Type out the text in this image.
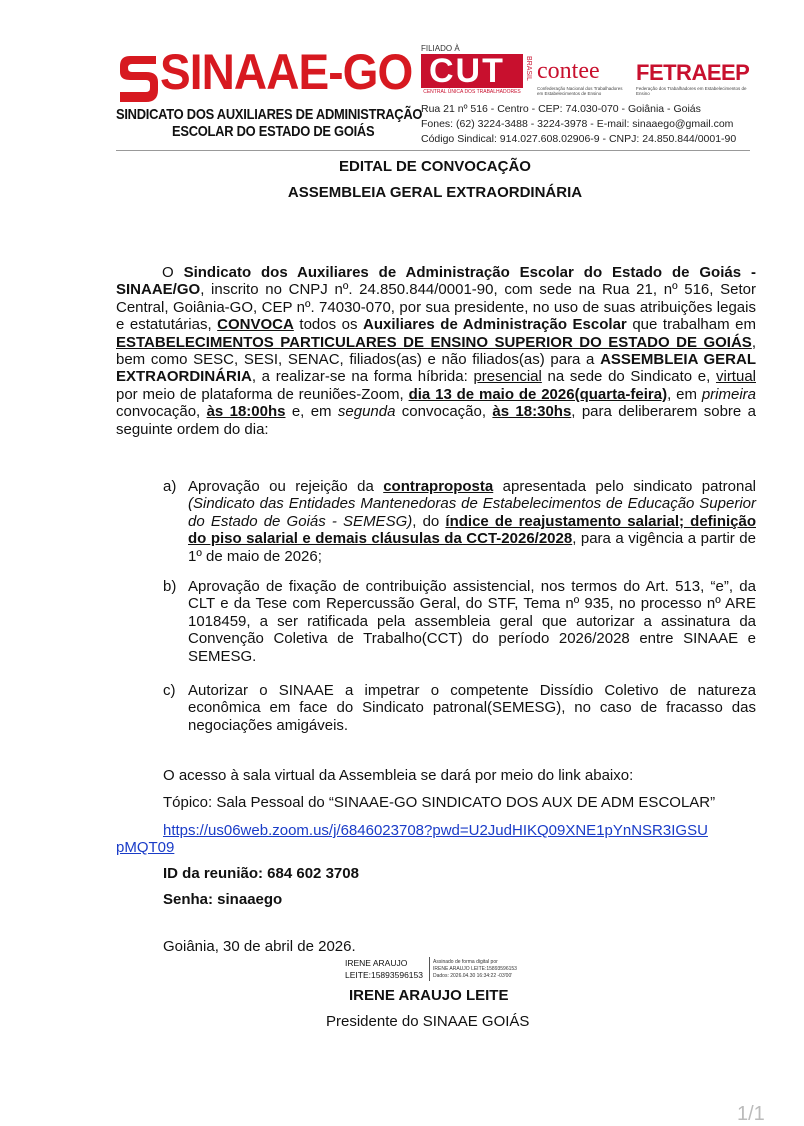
SINAAE-GO
SINDICATO DOS AUXILIARES DE ADMINISTRAÇÃO
ESCOLAR DO ESTADO DE GOIÁS
FILIADO À
CUT
CENTRAL ÚNICA DOS TRABALHADORES
BRASIL contee
Confederação Nacional dos Trabalhadores em Estabelecimentos de Ensino
FETRAEEP
Federação dos Trabalhadores em Estabelecimentos de Ensino
Rua 21 nº 516 - Centro - CEP: 74.030-070 - Goiânia - Goiás
Fones: (62) 3224-3488 - 3224-3978 - E-mail: sinaaego@gmail.com
Código Sindical: 914.027.608.02906-9 - CNPJ: 24.850.844/0001-90
EDITAL DE CONVOCAÇÃO
ASSEMBLEIA GERAL EXTRAORDINÁRIA
O Sindicato dos Auxiliares de Administração Escolar do Estado de Goiás - SINAAE/GO, inscrito no CNPJ nº. 24.850.844/0001-90, com sede na Rua 21, nº 516, Setor Central, Goiânia-GO, CEP nº. 74030-070, por sua presidente, no uso de suas atribuições legais e estatutárias, CONVOCA todos os Auxiliares de Administração Escolar que trabalham em ESTABELECIMENTOS PARTICULARES DE ENSINO SUPERIOR DO ESTADO DE GOIÁS, bem como SESC, SESI, SENAC, filiados(as) e não filiados(as) para a ASSEMBLEIA GERAL EXTRAORDINÁRIA, a realizar-se na forma híbrida: presencial na sede do Sindicato e, virtual por meio de plataforma de reuniões-Zoom, dia 13 de maio de 2026(quarta-feira), em primeira convocação, às 18:00hs e, em segunda convocação, às 18:30hs, para deliberarem sobre a seguinte ordem do dia:
a) Aprovação ou rejeição da contraproposta apresentada pelo sindicato patronal (Sindicato das Entidades Mantenedoras de Estabelecimentos de Educação Superior do Estado de Goiás - SEMESG), do índice de reajustamento salarial; definição do piso salarial e demais cláusulas da CCT-2026/2028, para a vigência a partir de 1º de maio de 2026;
b) Aprovação de fixação de contribuição assistencial, nos termos do Art. 513, “e”, da CLT e da Tese com Repercussão Geral, do STF, Tema nº 935, no processo nº ARE 1018459, a ser ratificada pela assembleia geral que autorizar a assinatura da Convenção Coletiva de Trabalho(CCT) do período 2026/2028 entre SINAAE e SEMESG.
c) Autorizar o SINAAE a impetrar o competente Dissídio Coletivo de natureza econômica em face do Sindicato patronal(SEMESG), no caso de fracasso das negociações amigáveis.
O acesso à sala virtual da Assembleia se dará por meio do link abaixo:
Tópico: Sala Pessoal do “SINAAE-GO SINDICATO DOS AUX DE ADM ESCOLAR”
https://us06web.zoom.us/j/6846023708?pwd=U2JudHIKQ09XNE1pYnNSR3IGSU
pMQT09
ID da reunião: 684 602 3708
Senha: sinaaego
Goiânia, 30 de abril de 2026.
IRENE ARAUJO
LEITE:15893596153
Assinado de forma digital por
IRENE ARAUJO LEITE:15893596153
Dados: 2026.04.30 16:34:22 -03'00'
IRENE ARAUJO LEITE
Presidente do SINAAE GOIÁS
1/1
